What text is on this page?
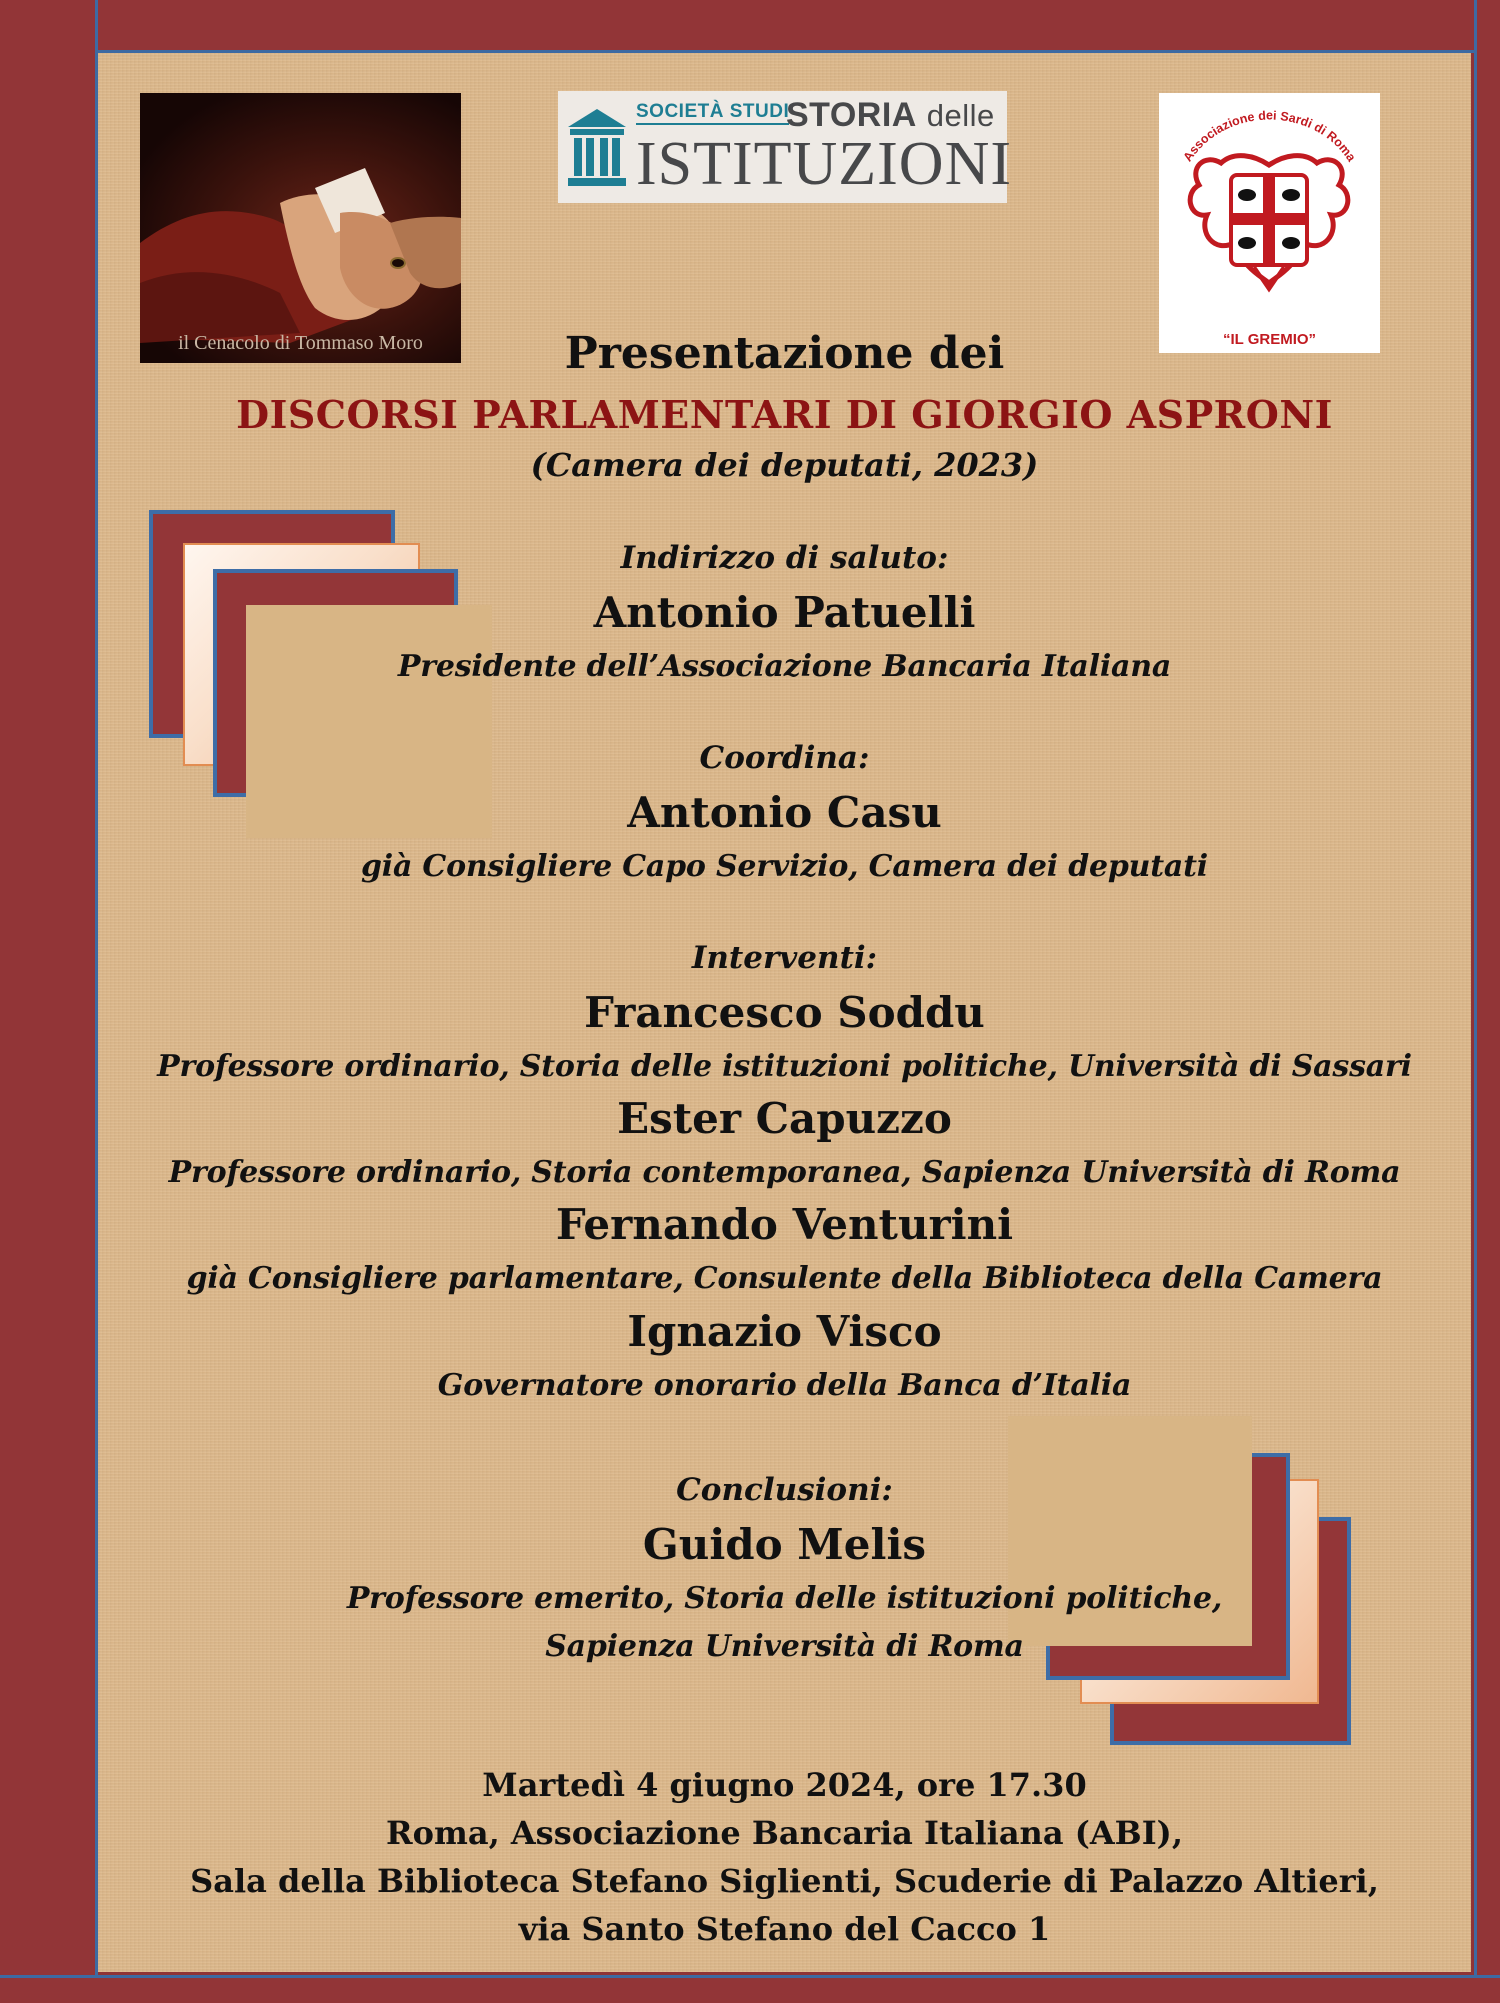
il Cenacolo di Tommaso Moro
SOCIETÀ STUDI
STORIA delle
ISTITUZIONI	Associazione dei Sardi di Roma
“IL GREMIO”
Presentazione dei
DISCORSI PARLAMENTARI DI GIORGIO ASPRONI
(Camera dei deputati, 2023)
Indirizzo di saluto:
Antonio Patuelli
Presidente dell’Associazione Bancaria Italiana
Coordina:
Antonio Casu
già Consigliere Capo Servizio, Camera dei deputati
Interventi:
Francesco Soddu
Professore ordinario, Storia delle istituzioni politiche, Università di Sassari
Ester Capuzzo
Professore ordinario, Storia contemporanea, Sapienza Università di Roma
Fernando Venturini
già Consigliere parlamentare, Consulente della Biblioteca della Camera
Ignazio Visco
Governatore onorario della Banca d’Italia
Conclusioni:
Guido Melis
Professore emerito, Storia delle istituzioni politiche,
Sapienza Università di Roma
Martedì 4 giugno 2024, ore 17.30
Roma, Associazione Bancaria Italiana (ABI),
Sala della Biblioteca Stefano Siglienti, Scuderie di Palazzo Altieri,
via Santo Stefano del Cacco 1
